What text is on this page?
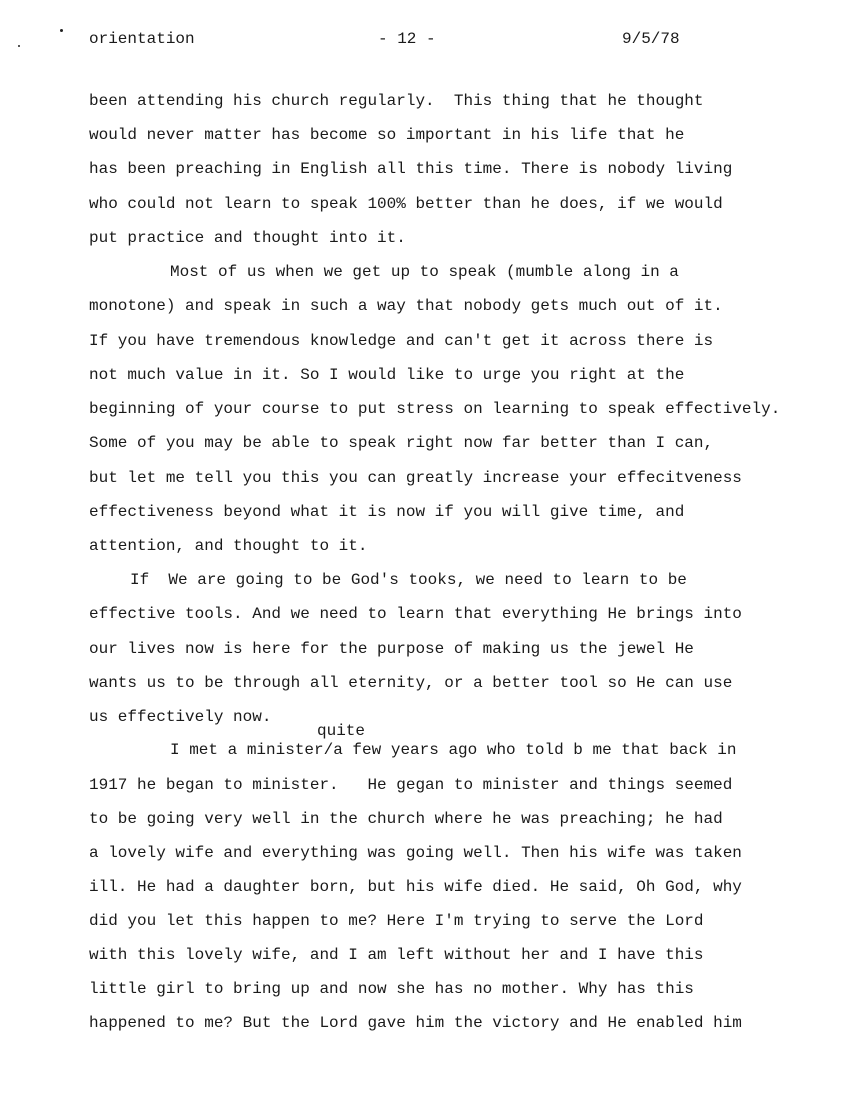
orientation	- 12 -	9/5/78
been attending his church regularly.  This thing that he thought
would never matter has become so important in his life that he
has been preaching in English all this time. There is nobody living
who could not learn to speak 100% better than he does, if we would
put practice and thought into it.
Most of us when we get up to speak (mumble along in a
monotone) and speak in such a way that nobody gets much out of it.
If you have tremendous knowledge and can't get it across there is
not much value in it. So I would like to urge you right at the
beginning of your course to put stress on learning to speak effectively.
Some of you may be able to speak right now far better than I can,
but let me tell you this you can greatly increase your effecitveness
effectiveness beyond what it is now if you will give time, and
attention, and thought to it.
If  We are going to be God's tooks, we need to learn to be
effective tools. And we need to learn that everything He brings into
our lives now is here for the purpose of making us the jewel He
wants us to be through all eternity, or a better tool so He can use
us effectively now.
quite
I met a minister/a few years ago who told b me that back in
1917 he began to minister.   He gegan to minister and things seemed
to be going very well in the church where he was preaching; he had
a lovely wife and everything was going well. Then his wife was taken
ill. He had a daughter born, but his wife died. He said, Oh God, why
did you let this happen to me? Here I'm trying to serve the Lord
with this lovely wife, and I am left without her and I have this
little girl to bring up and now she has no mother. Why has this
happened to me? But the Lord gave him the victory and He enabled him
